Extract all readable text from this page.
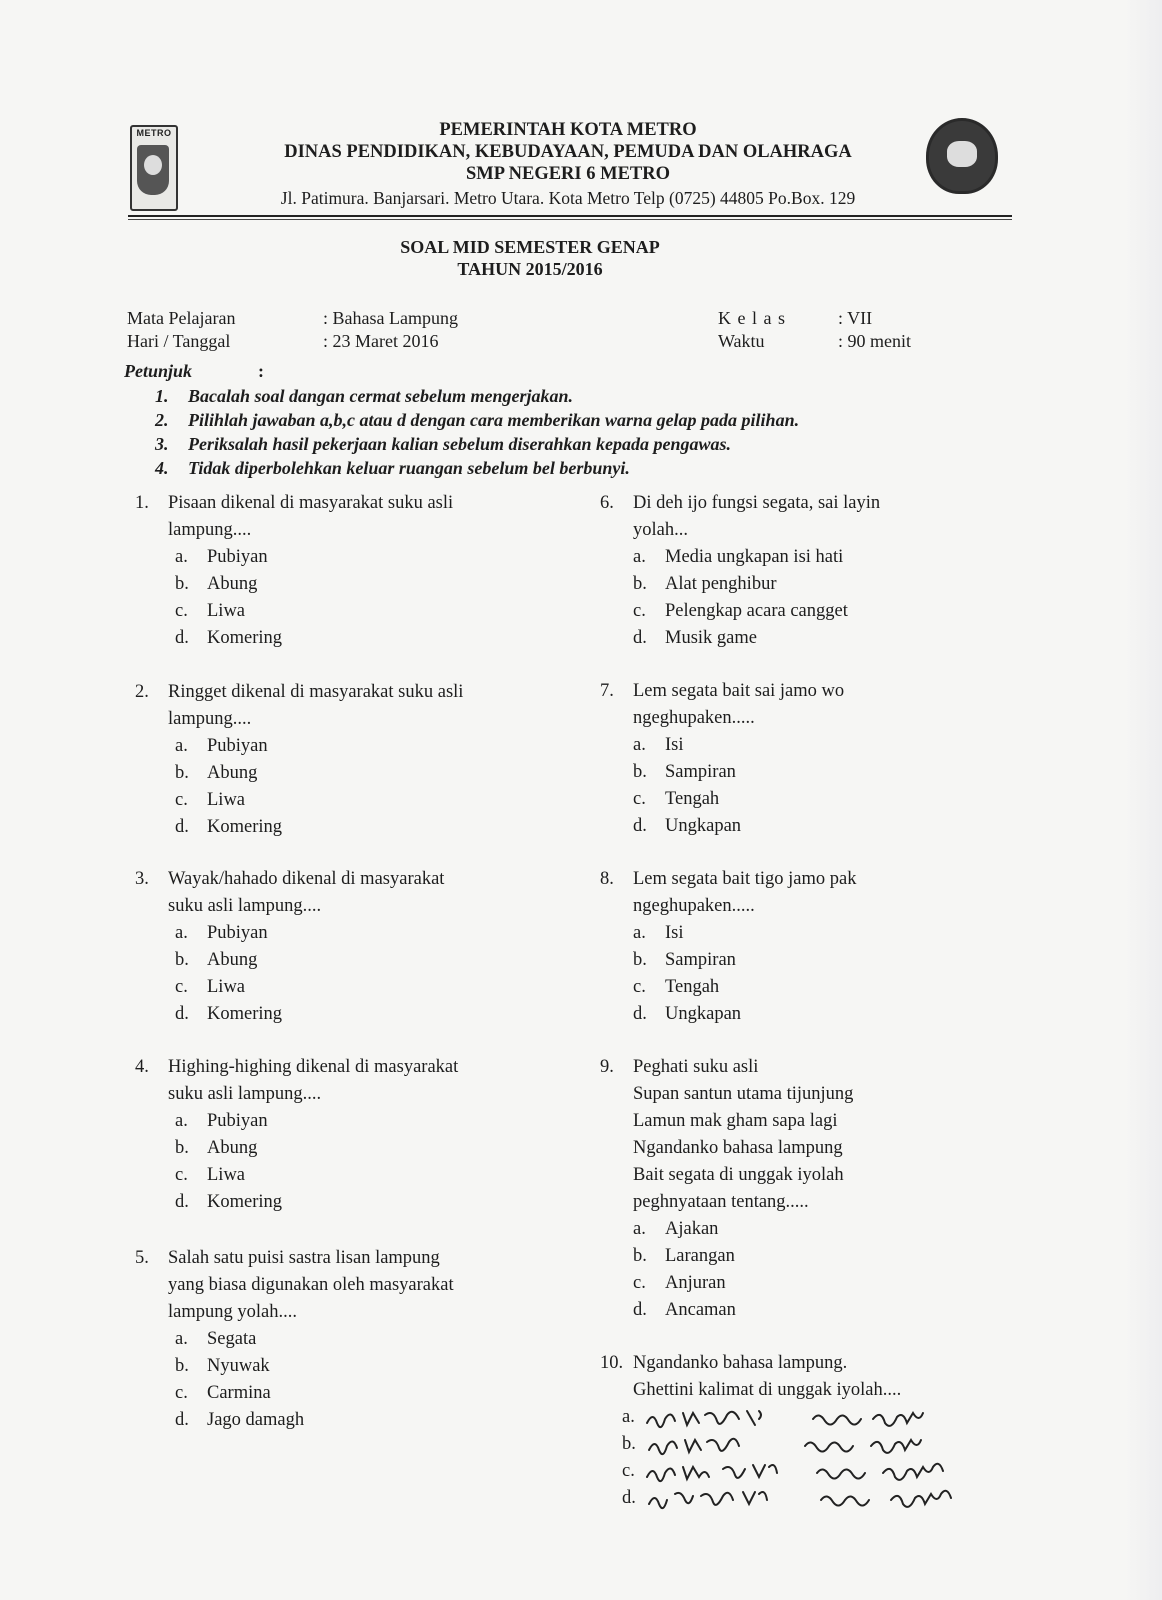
METRO	PEMERINTAH KOTA METRO
DINAS PENDIDIKAN, KEBUDAYAAN, PEMUDA DAN OLAHRAGA
SMP NEGERI 6 METRO
Jl. Patimura. Banjarsari. Metro Utara. Kota Metro Telp (0725) 44805 Po.Box. 129
SOAL MID SEMESTER GENAP
TAHUN 2015/2016
Mata Pelajaran	: Bahasa Lampung
Hari / Tanggal	: 23 Maret 2016
K e l a s	: VII
Waktu	: 90 menit
Petunjuk	:
1. Bacalah soal dangan cermat sebelum mengerjakan.
2. Pilihlah jawaban a,b,c atau d dengan cara memberikan warna gelap pada pilihan.
3. Periksalah hasil pekerjaan kalian sebelum diserahkan kepada pengawas.
4. Tidak diperbolehkan keluar ruangan sebelum bel berbunyi.
1. Pisaan dikenal di masyarakat suku asli
lampung....
a. Pubiyan
b. Abung
c. Liwa
d. Komering
2. Ringget dikenal di masyarakat suku asli
lampung....
a. Pubiyan
b. Abung
c. Liwa
d. Komering
3. Wayak/hahado dikenal di masyarakat
suku asli lampung....
a. Pubiyan
b. Abung
c. Liwa
d. Komering
4. Highing-highing dikenal di masyarakat
suku asli lampung....
a. Pubiyan
b. Abung
c. Liwa
d. Komering
5. Salah satu puisi sastra lisan lampung
yang biasa digunakan oleh masyarakat
lampung yolah....
a. Segata
b. Nyuwak
c. Carmina
d. Jago damagh
6. Di deh ijo fungsi segata, sai layin
yolah...
a. Media ungkapan isi hati
b. Alat penghibur
c. Pelengkap acara cangget
d. Musik game
7. Lem segata bait sai jamo wo
ngeghupaken.....
a. Isi
b. Sampiran
c. Tengah
d. Ungkapan
8. Lem segata bait tigo jamo pak
ngeghupaken.....
a. Isi
b. Sampiran
c. Tengah
d. Ungkapan
9. Peghati suku asli
Supan santun utama tijunjung
Lamun mak gham sapa lagi
Ngandanko bahasa lampung
Bait segata di unggak iyolah
peghnyataan tentang.....
a. Ajakan
b. Larangan
c. Anjuran
d. Ancaman
10. Ngandanko bahasa lampung.
Ghettini kalimat di unggak iyolah....
a.
b.
c.
d.
